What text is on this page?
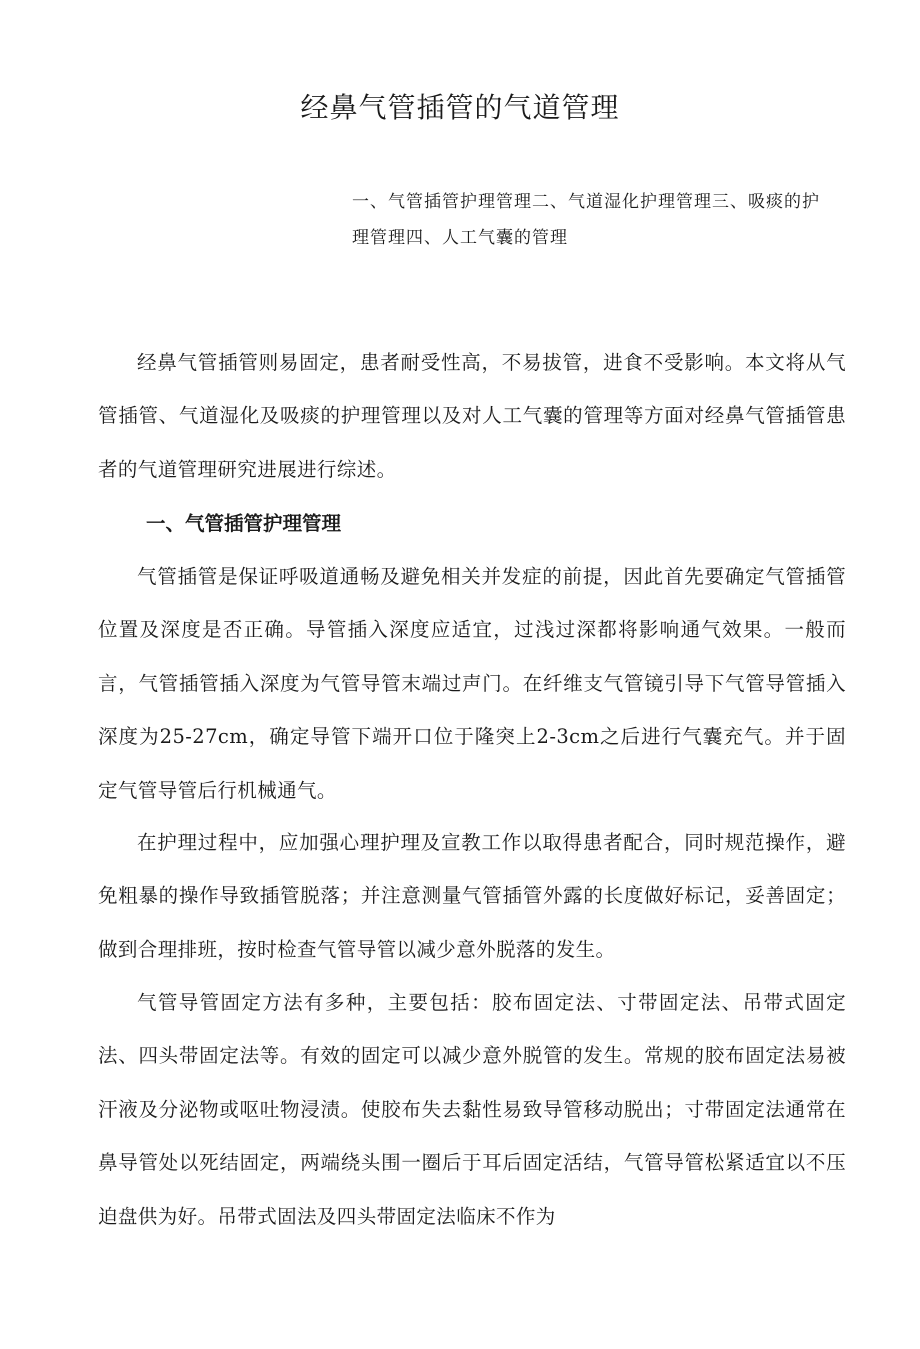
经鼻气管插管的气道管理

一、气管插管护理管理二、气道湿化护理管理三、吸痰的护理管理四、人工气囊的管理

经鼻气管插管则易固定，患者耐受性高，不易拔管，进食不受影响。本文将从气管插管、气道湿化及吸痰的护理管理以及对人工气囊的管理等方面对经鼻气管插管患者的气道管理研究进展进行综述。

一、气管插管护理管理

气管插管是保证呼吸道通畅及避免相关并发症的前提，因此首先要确定气管插管位置及深度是否正确。导管插入深度应适宜，过浅过深都将影响通气效果。一般而言，气管插管插入深度为气管导管末端过声门。在纤维支气管镜引导下气管导管插入深度为25-27cm，确定导管下端开口位于隆突上2-3cm之后进行气囊充气。并于固定气管导管后行机械通气。

在护理过程中，应加强心理护理及宣教工作以取得患者配合，同时规范操作，避免粗暴的操作导致插管脱落；并注意测量气管插管外露的长度做好标记，妥善固定；做到合理排班，按时检查气管导管以减少意外脱落的发生。

气管导管固定方法有多种，主要包括：胶布固定法、寸带固定法、吊带式固定法、四头带固定法等。有效的固定可以减少意外脱管的发生。常规的胶布固定法易被汗液及分泌物或呕吐物浸渍。使胶布失去黏性易致导管移动脱出；寸带固定法通常在鼻导管处以死结固定，两端绕头围一圈后于耳后固定活结，气管导管松紧适宜以不压迫盘供为好。吊带式固法及四头带固定法临床不作为
